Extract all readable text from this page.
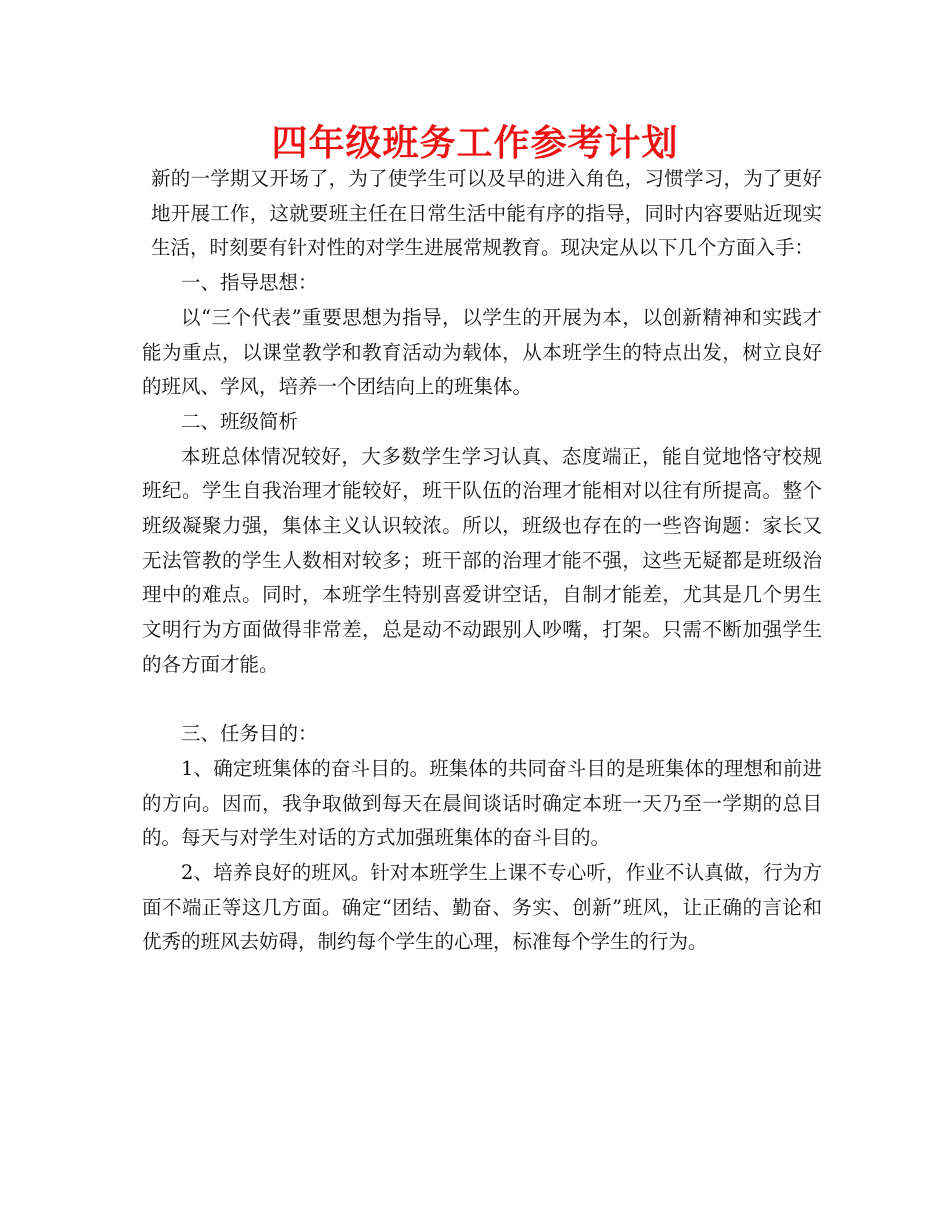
四年级班务工作参考计划

新的一学期又开场了，为了使学生可以及早的进入角色，习惯学习，为了更好地开展工作，这就要班主任在日常生活中能有序的指导，同时内容要贴近现实生活，时刻要有针对性的对学生进展常规教育。现决定从以下几个方面入手：

一、指导思想：

以“三个代表”重要思想为指导，以学生的开展为本，以创新精神和实践才能为重点，以课堂教学和教育活动为载体，从本班学生的特点出发，树立良好的班风、学风，培养一个团结向上的班集体。

二、班级简析

本班总体情况较好，大多数学生学习认真、态度端正，能自觉地恪守校规班纪。学生自我治理才能较好，班干队伍的治理才能相对以往有所提高。整个班级凝聚力强，集体主义认识较浓。所以，班级也存在的一些咨询题：家长又无法管教的学生人数相对较多；班干部的治理才能不强，这些无疑都是班级治理中的难点。同时，本班学生特别喜爱讲空话，自制才能差，尤其是几个男生文明行为方面做得非常差，总是动不动跟别人吵嘴，打架。只需不断加强学生的各方面才能。

三、任务目的：

1、确定班集体的奋斗目的。班集体的共同奋斗目的是班集体的理想和前进的方向。因而，我争取做到每天在晨间谈话时确定本班一天乃至一学期的总目的。每天与对学生对话的方式加强班集体的奋斗目的。

2、培养良好的班风。针对本班学生上课不专心听，作业不认真做，行为方面不端正等这几方面。确定“团结、勤奋、务实、创新”班风，让正确的言论和优秀的班风去妨碍，制约每个学生的心理，标准每个学生的行为。
